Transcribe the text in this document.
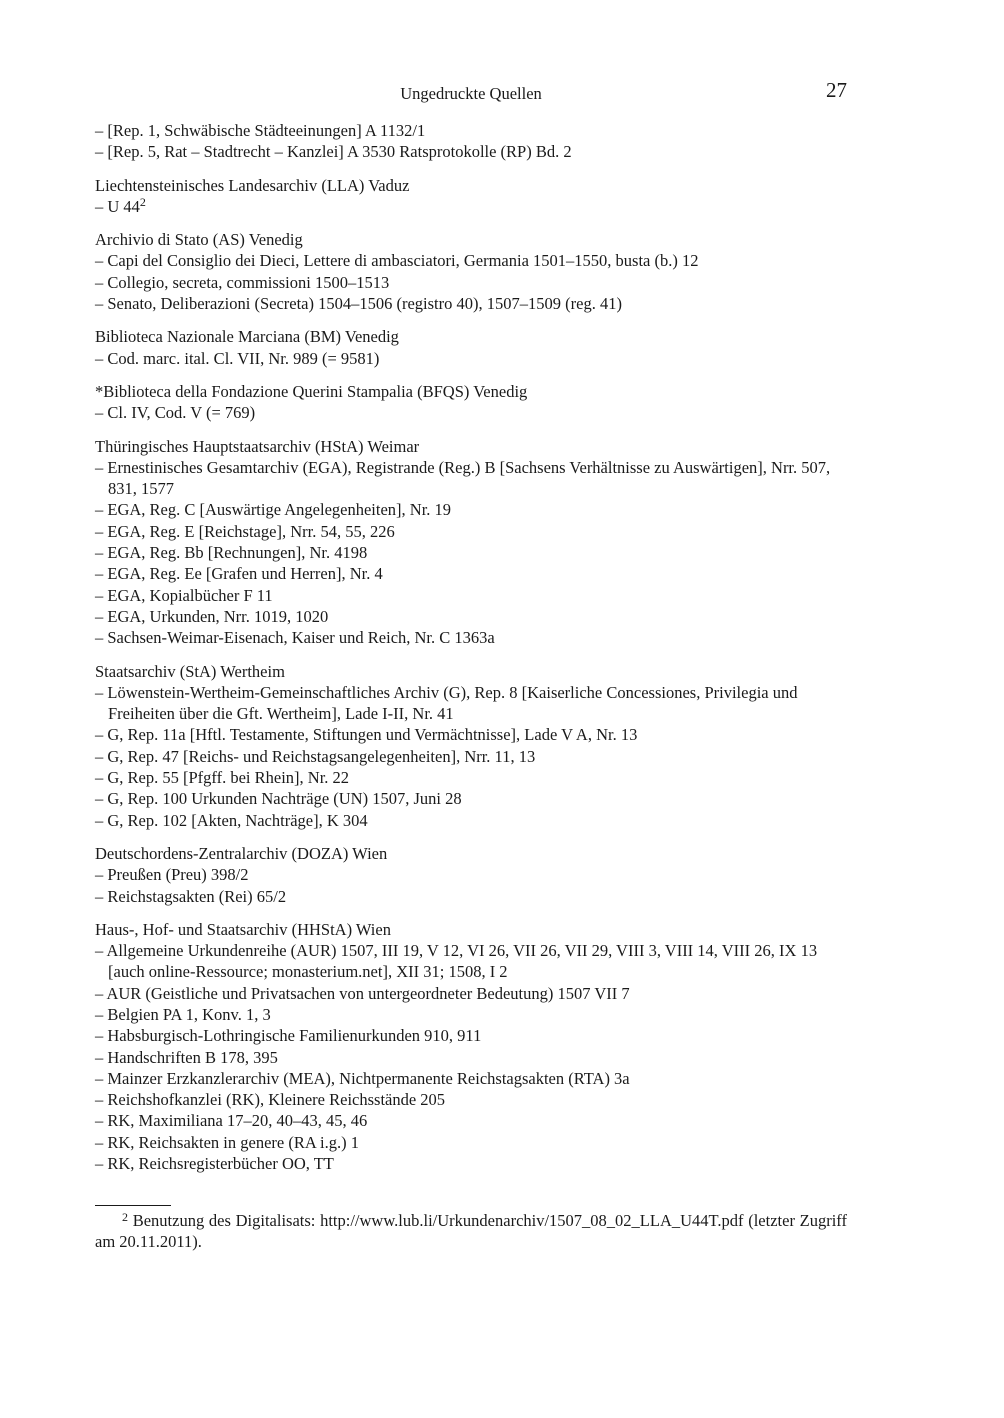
Ungedruckte Quellen	27
– [Rep. 1, Schwäbische Städteeinungen] A 1132/1
– [Rep. 5, Rat – Stadtrecht – Kanzlei] A 3530 Ratsprotokolle (RP) Bd. 2
Liechtensteinisches Landesarchiv (LLA) Vaduz
– U 44$^2$
Archivio di Stato (AS) Venedig
– Capi del Consiglio dei Dieci, Lettere di ambasciatori, Germania 1501–1550, busta (b.) 12
– Collegio, secreta, commissioni 1500–1513
– Senato, Deliberazioni (Secreta) 1504–1506 (registro 40), 1507–1509 (reg. 41)
Biblioteca Nazionale Marciana (BM) Venedig
– Cod. marc. ital. Cl. VII, Nr. 989 (= 9581)
*Biblioteca della Fondazione Querini Stampalia (BFQS) Venedig
– Cl. IV, Cod. V (= 769)
Thüringisches Hauptstaatsarchiv (HStA) Weimar
– Ernestinisches Gesamtarchiv (EGA), Registrande (Reg.) B [Sachsens Verhältnisse zu Auswärtigen], Nrr. 507, 831, 1577
– EGA, Reg. C [Auswärtige Angelegenheiten], Nr. 19
– EGA, Reg. E [Reichstage], Nrr. 54, 55, 226
– EGA, Reg. Bb [Rechnungen], Nr. 4198
– EGA, Reg. Ee [Grafen und Herren], Nr. 4
– EGA, Kopialbücher F 11
– EGA, Urkunden, Nrr. 1019, 1020
– Sachsen-Weimar-Eisenach, Kaiser und Reich, Nr. C 1363a
Staatsarchiv (StA) Wertheim
– Löwenstein-Wertheim-Gemeinschaftliches Archiv (G), Rep. 8 [Kaiserliche Concessiones, Privilegia und Freiheiten über die Gft. Wertheim], Lade I-II, Nr. 41
– G, Rep. 11a [Hftl. Testamente, Stiftungen und Vermächtnisse], Lade V A, Nr. 13
– G, Rep. 47 [Reichs- und Reichstagsangelegenheiten], Nrr. 11, 13
– G, Rep. 55 [Pfgff. bei Rhein], Nr. 22
– G, Rep. 100 Urkunden Nachträge (UN) 1507, Juni 28
– G, Rep. 102 [Akten, Nachträge], K 304
Deutschordens-Zentralarchiv (DOZA) Wien
– Preußen (Preu) 398/2
– Reichstagsakten (Rei) 65/2
Haus-, Hof- und Staatsarchiv (HHStA) Wien
– Allgemeine Urkundenreihe (AUR) 1507, III 19, V 12, VI 26, VII 26, VII 29, VIII 3, VIII 14, VIII 26, IX 13 [auch online-Ressource; monasterium.net], XII 31; 1508, I 2
– AUR (Geistliche und Privatsachen von untergeordneter Bedeutung) 1507 VII 7
– Belgien PA 1, Konv. 1, 3
– Habsburgisch-Lothringische Familienurkunden 910, 911
– Handschriften B 178, 395
– Mainzer Erzkanzlerarchiv (MEA), Nichtpermanente Reichstagsakten (RTA) 3a
– Reichshofkanzlei (RK), Kleinere Reichsstände 205
– RK, Maximiliana 17–20, 40–43, 45, 46
– RK, Reichsakten in genere (RA i.g.) 1
– RK, Reichsregisterbücher OO, TT
$^2$ Benutzung des Digitalisats: http://www.lub.li/Urkundenarchiv/1507_08_02_LLA_U44T.pdf (letzter Zugriff am 20.11.2011).
